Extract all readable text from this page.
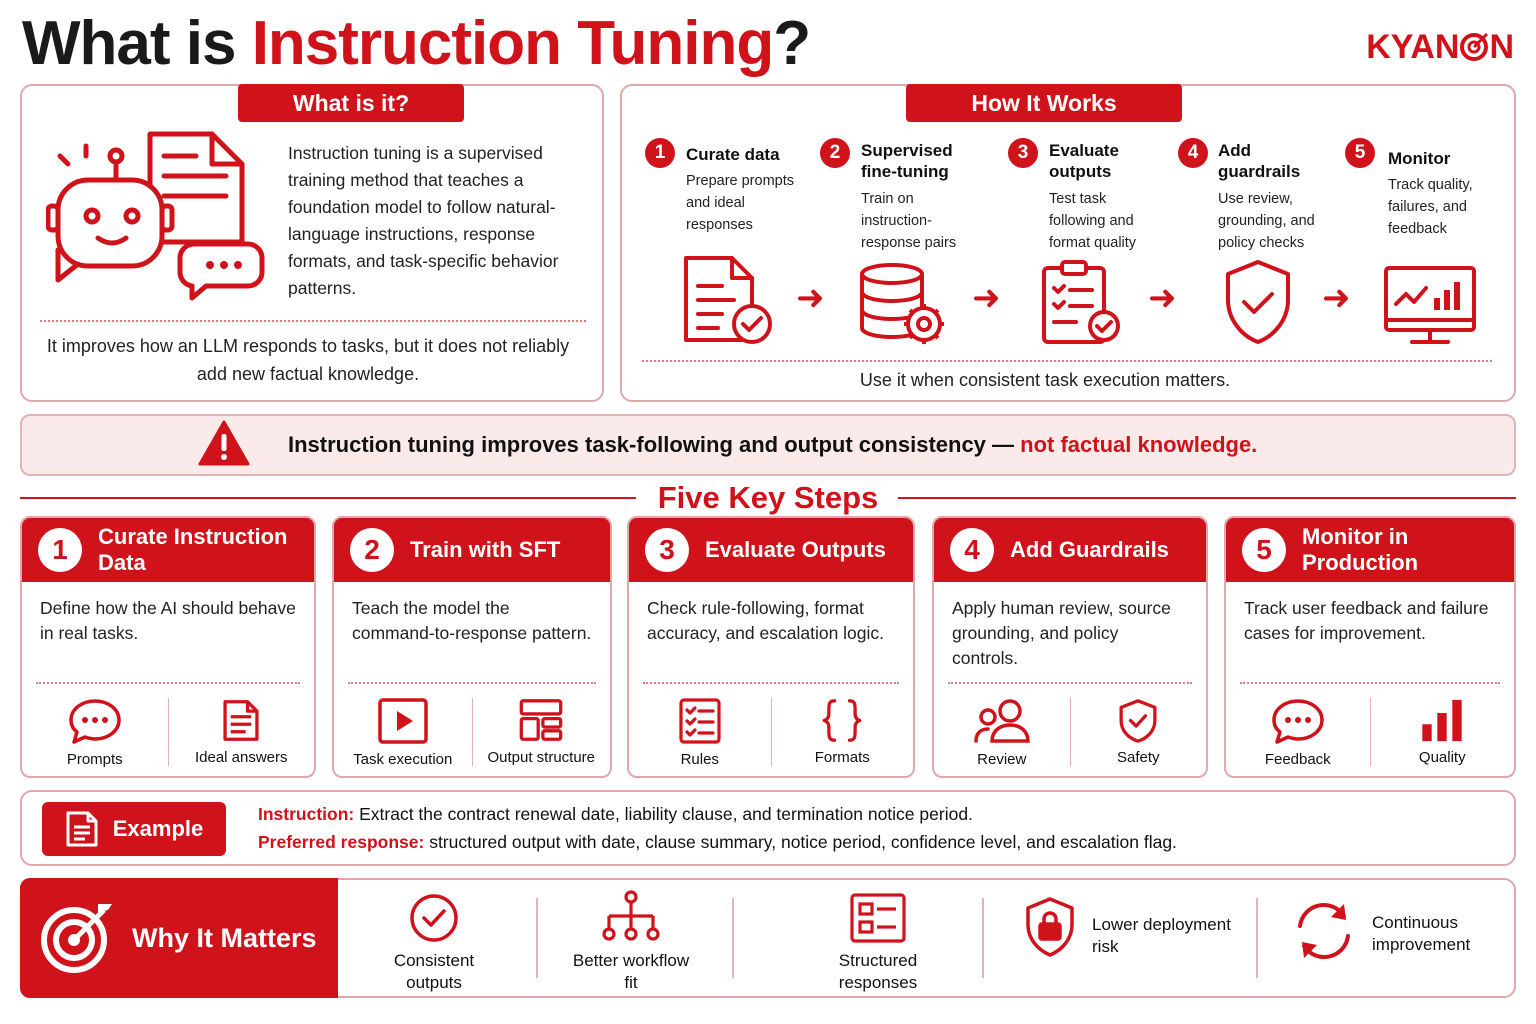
What is Instruction Tuning?	KYAN N
What is it?
Instruction tuning is a supervised training method that teaches a foundation model to follow natural-language instructions, response formats, and task-specific behavior patterns.
It improves how an LLM responds to tasks, but it does not reliably add new factual knowledge.
How It Works
1	Curate data
Prepare prompts and ideal responses
2	Supervised fine-tuning
Train on instruction-response pairs
3	Evaluate outputs
Test task following and format quality
4	Add guardrails
Use review, grounding, and policy checks
5	Monitor
Track quality, failures, and feedback
➜	➜	➜	➜
Use it when consistent task execution matters.
Instruction tuning improves task-following and output consistency — not factual knowledge.
Five Key Steps
1	Curate Instruction Data
Define how the AI should behave in real tasks.
Prompts	Ideal answers
2	Train with SFT
Teach the model the command-to-response pattern.
Task execution Output structure
3	Evaluate Outputs
Check rule-following, format accuracy, and escalation logic.
Rules	Formats
4	Add Guardrails
Apply human review, source grounding, and policy controls.
Review	Safety
5	Monitor in Production
Track user feedback and failure cases for improvement.
Feedback	Quality
Example
Instruction: Extract the contract renewal date, liability clause, and termination notice period.
Preferred response: structured output with date, clause summary, notice period, confidence level, and escalation flag.
Why It Matters
Consistent outputs
Better workflow fit
Structured responses
Lower deployment risk
Continuous improvement
